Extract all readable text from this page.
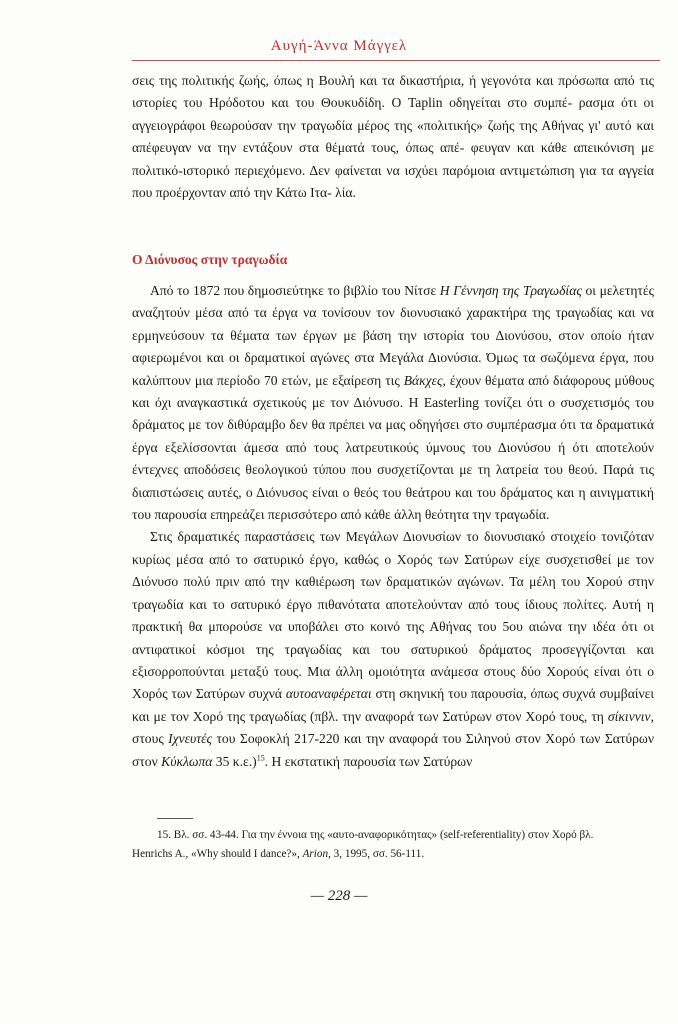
Αυγή-Άννα Μάγγελ

σεις της πολιτικής ζωής, όπως η Βουλή και τα δικαστήρια, ή γεγονότα και πρόσωπα από τις ιστορίες του Ηρόδοτου και του Θουκυδίδη. Ο Taplin οδηγείται στο συμπέ- ρασμα ότι οι αγγειογράφοι θεωρούσαν την τραγωδία μέρος της «πολιτικής» ζωής της Αθήνας γι' αυτό και απέφευγαν να την εντάξουν στα θέματά τους, όπως απέ- φευγαν και κάθε απεικόνιση με πολιτικό-ιστορικό περιεχόμενο. Δεν φαίνεται να ισχύει παρόμοια αντιμετώπιση για τα αγγεία που προέρχονταν από την Κάτω Ιτα- λία.

Ο Διόνυσος στην τραγωδία

Από το 1872 που δημοσιεύτηκε το βιβλίο του Νίτσε Η Γέννηση της Τραγωδίας οι μελετητές αναζητούν μέσα από τα έργα να τονίσουν τον διονυσιακό χαρακτήρα της τραγωδίας και να ερμηνεύσουν τα θέματα των έργων με βάση την ιστορία του Διονύσου, στον οποίο ήταν αφιερωμένοι και οι δραματικοί αγώνες στα Μεγάλα Διονύσια. Όμως τα σωζόμενα έργα, που καλύπτουν μια περίοδο 70 ετών, με εξαίρεση τις Βάκχες, έχουν θέματα από διάφορους μύθους και όχι αναγκαστικά σχετικούς με τον Διόνυσο. Η Easterling τονίζει ότι ο συσχετισμός του δράματος με τον διθύραμβο δεν θα πρέπει να μας οδηγήσει στο συμπέρασμα ότι τα δραματικά έργα εξελίσσονται άμεσα από τους λατρευτικούς ύμνους του Διονύσου ή ότι αποτελούν έντεχνες αποδόσεις θεολογικού τύπου που συσχετίζονται με τη λατρεία του θεού. Παρά τις διαπιστώσεις αυτές, ο Διόνυσος είναι ο θεός του θεάτρου και του δράματος και η αινιγματική του παρουσία επηρεάζει περισσότερο από κάθε άλλη θεότητα την τραγωδία.

Στις δραματικές παραστάσεις των Μεγάλων Διονυσίων το διονυσιακό στοιχείο τονιζόταν κυρίως μέσα από το σατυρικό έργο, καθώς ο Χορός των Σατύρων είχε συσχετισθεί με τον Διόνυσο πολύ πριν από την καθιέρωση των δραματικών αγώνων. Τα μέλη του Χορού στην τραγωδία και το σατυρικό έργο πιθανότατα αποτελούνταν από τους ίδιους πολίτες. Αυτή η πρακτική θα μπορούσε να υποβάλει στο κοινό της Αθήνας του 5ου αιώνα την ιδέα ότι οι αντιφατικοί κόσμοι της τραγωδίας και του σατυρικού δράματος προσεγγίζονται και εξισορροπούνται μεταξύ τους. Μια άλλη ομοιότητα ανάμεσα στους δύο Χορούς είναι ότι ο Χορός των Σατύρων συχνά αυτοαναφέρεται στη σκηνική του παρουσία, όπως συχνά συμβαίνει και με τον Χορό της τραγωδίας (πβλ. την αναφορά των Σατύρων στον Χορό τους, τη σίκιννιν, στους Ιχνευτές του Σοφοκλή 217-220 και την αναφορά του Σιληνού στον Χορό των Σατύρων στον Κύκλωπα 35 κ.ε.)$^{15}$. Η εκστατική παρουσία των Σατύρων

15. Βλ. σσ. 43-44. Για την έννοια της «αυτο-αναφορικότητας» (self-referentiality) στον Χορό βλ.

Henrichs A., «Why should I dance?», Arion, 3, 1995, σσ. 56-111.

— 228 —
